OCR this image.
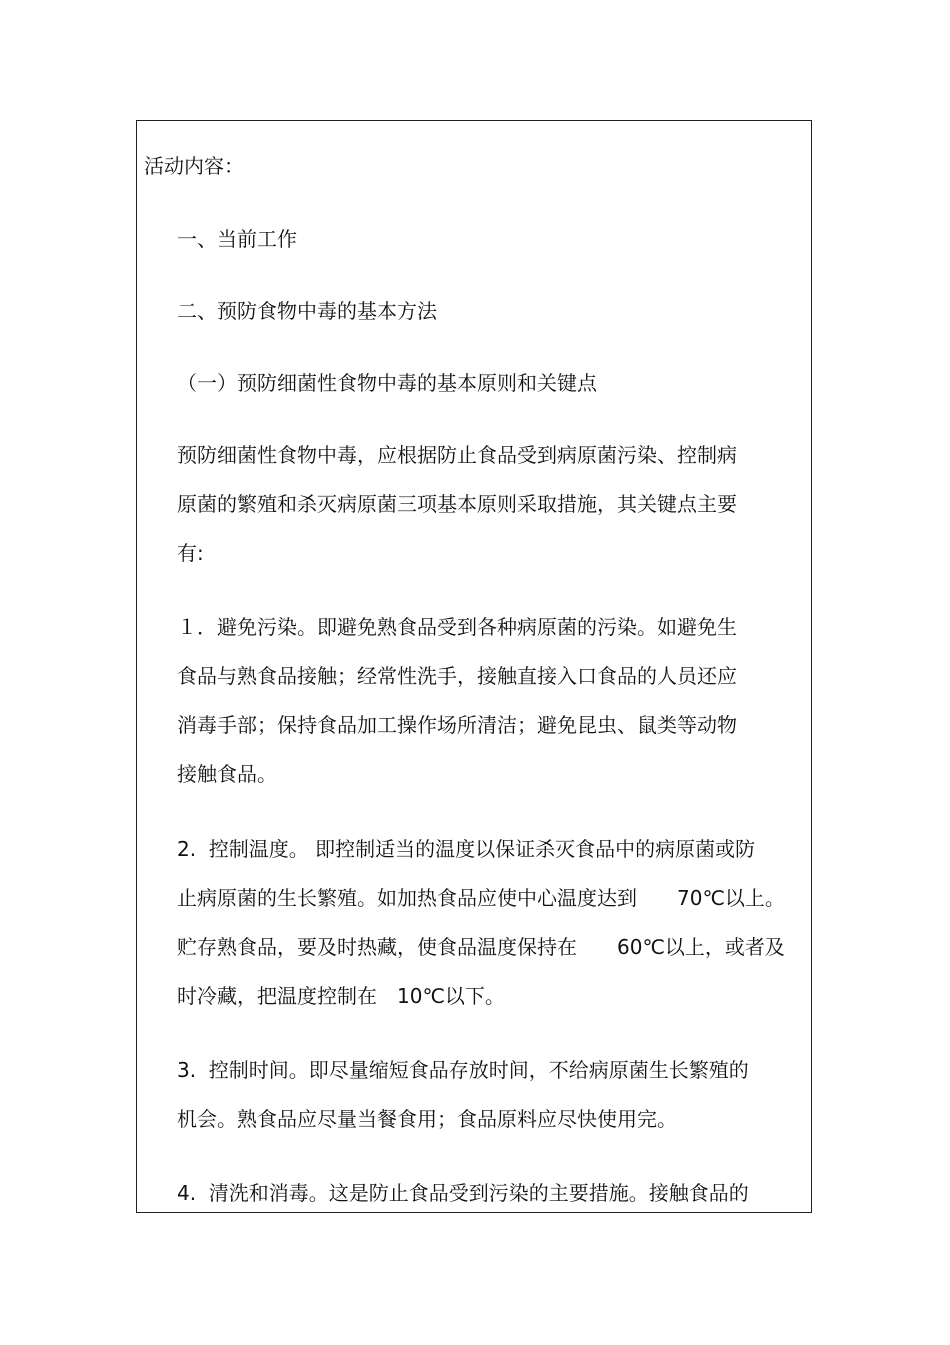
活动内容：

一、当前工作

二、预防食物中毒的基本方法

（一）预防细菌性食物中毒的基本原则和关键点

预防细菌性食物中毒，应根据防止食品受到病原菌污染、控制病

原菌的繁殖和杀灭病原菌三项基本原则采取措施，其关键点主要

有:

１．避免污染。即避免熟食品受到各种病原菌的污染。如避免生

食品与熟食品接触；经常性洗手，接触直接入口食品的人员还应

消毒手部；保持食品加工操作场所清洁；避免昆虫、鼠类等动物

接触食品。

2.  控制温度。 即控制适当的温度以保证杀灭食品中的病原菌或防

止病原菌的生长繁殖。如加热食品应使中心温度达到　　70℃以上。

贮存熟食品，要及时热藏，使食品温度保持在　　60℃以上，或者及

时冷藏，把温度控制在　10℃以下。

3.  控制时间。即尽量缩短食品存放时间，不给病原菌生长繁殖的

机会。熟食品应尽量当餐食用；食品原料应尽快使用完。

4.  清洗和消毒。这是防止食品受到污染的主要措施。接触食品的
